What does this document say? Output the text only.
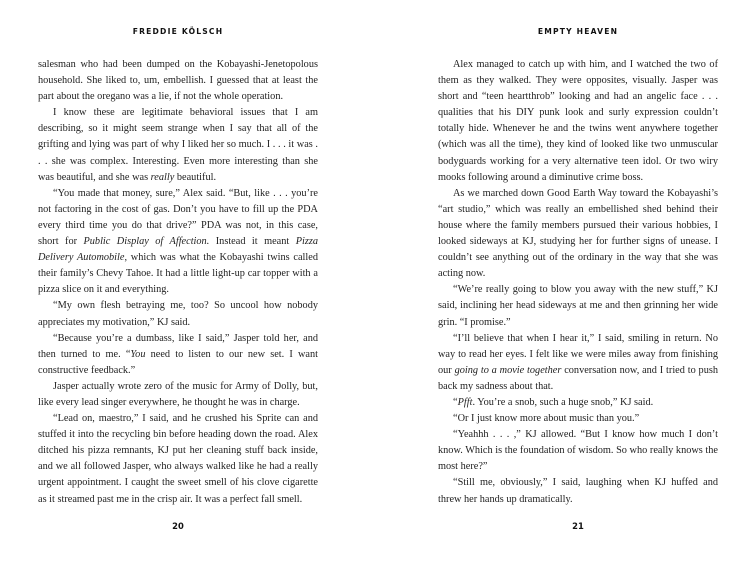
FREDDIE KÖLSCH

salesman who had been dumped on the Kobayashi-Jenetopolous household. She liked to, um, embellish. I guessed that at least the part about the oregano was a lie, if not the whole operation.

I know these are legitimate behavioral issues that I am describing, so it might seem strange when I say that all of the grifting and lying was part of why I liked her so much. I . . . it was . . . she was complex. Interesting. Even more interesting than she was beautiful, and she was really beautiful.

“You made that money, sure,” Alex said. “But, like . . . you’re not factoring in the cost of gas. Don’t you have to fill up the PDA every third time you do that drive?” PDA was not, in this case, short for Public Display of Affection. Instead it meant Pizza Delivery Automobile, which was what the Kobayashi twins called their family’s Chevy Tahoe. It had a little light-up car topper with a pizza slice on it and everything.

“My own flesh betraying me, too? So uncool how nobody appreciates my motivation,” KJ said.

“Because you’re a dumbass, like I said,” Jasper told her, and then turned to me. “You need to listen to our new set. I want constructive feedback.”

Jasper actually wrote zero of the music for Army of Dolly, but, like every lead singer everywhere, he thought he was in charge.

“Lead on, maestro,” I said, and he crushed his Sprite can and stuffed it into the recycling bin before heading down the road. Alex ditched his pizza remnants, KJ put her cleaning stuff back inside, and we all followed Jasper, who always walked like he had a really urgent appointment. I caught the sweet smell of his clove cigarette as it streamed past me in the crisp air. It was a perfect fall smell.

20
EMPTY HEAVEN

Alex managed to catch up with him, and I watched the two of them as they walked. They were opposites, visually. Jasper was short and “teen heartthrob” looking and had an angelic face . . . qualities that his DIY punk look and surly expression couldn’t totally hide. Whenever he and the twins went anywhere together (which was all the time), they kind of looked like two unmuscular bodyguards working for a very alternative teen idol. Or two wiry mooks following around a diminutive crime boss.

As we marched down Good Earth Way toward the Kobayashi’s “art studio,” which was really an embellished shed behind their house where the family members pursued their various hobbies, I looked sideways at KJ, studying her for further signs of unease. I couldn’t see anything out of the ordinary in the way that she was acting now.

“We’re really going to blow you away with the new stuff,” KJ said, inclining her head sideways at me and then grinning her wide grin. “I promise.”

“I’ll believe that when I hear it,” I said, smiling in return. No way to read her eyes. I felt like we were miles away from finishing our going to a movie together conversation now, and I tried to push back my sadness about that.

“Pfft. You’re a snob, such a huge snob,” KJ said.

“Or I just know more about music than you.”

“Yeahhh . . . ,” KJ allowed. “But I know how much I don’t know. Which is the foundation of wisdom. So who really knows the most here?”

“Still me, obviously,” I said, laughing when KJ huffed and threw her hands up dramatically.

21
